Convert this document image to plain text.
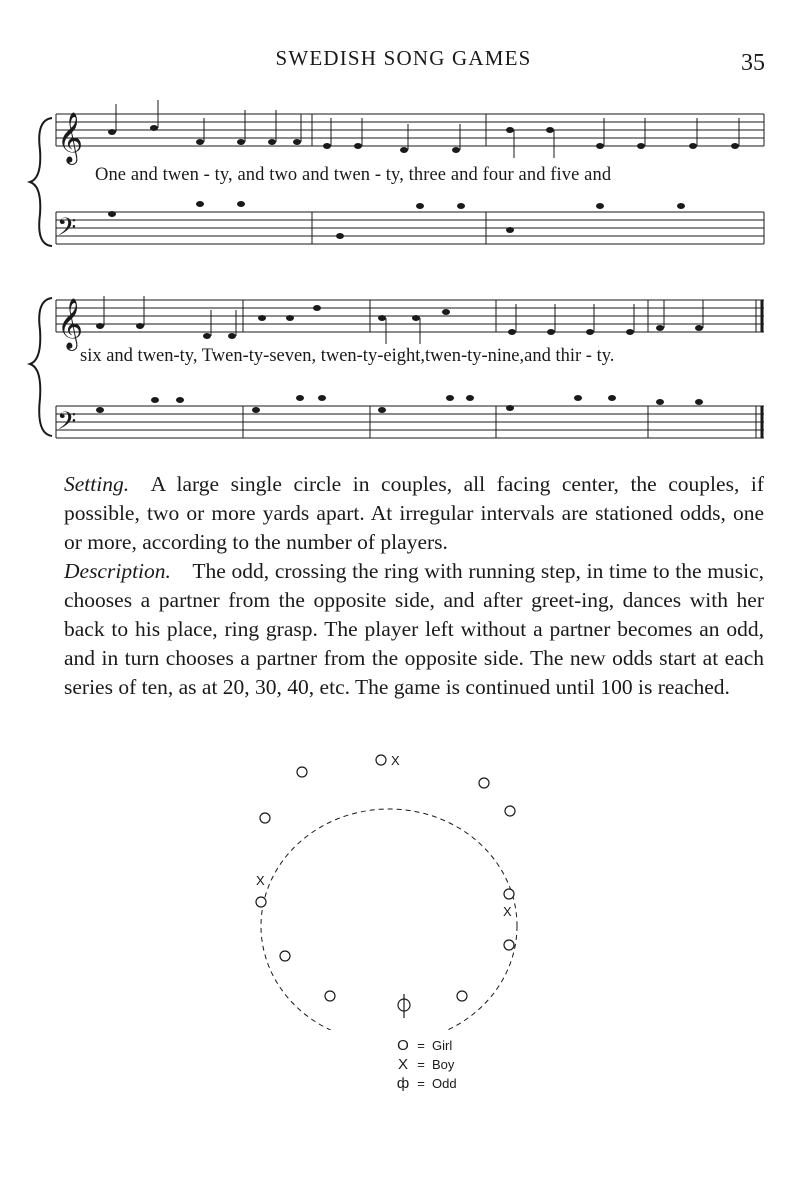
SWEDISH SONG GAMES	35
𝄞
𝄢
𝄞
𝄢
One and twen - ty, and two and twen - ty, three and four and five and
six and twen-ty, Twen-ty-seven, twen-ty-eight,twen-ty-nine,and thir - ty.

Setting.  A large single circle in couples, all facing center, the couples, if possible, two or more yards apart. At irregular intervals are stationed odds, one or more, according to the number of players.

Description.  The odd, crossing the ring with running step, in time to the music, chooses a partner from the opposite side, and after greet-ing, dances with her back to his place, ring grasp. The player left without a partner becomes an odd, and in turn chooses a partner from the opposite side. The new odds start at each series of ten, as at 20, 30, 40, etc. The game is continued until 100 is reached.

X
X
X
O = Girl
X = Boy
ф = Odd
